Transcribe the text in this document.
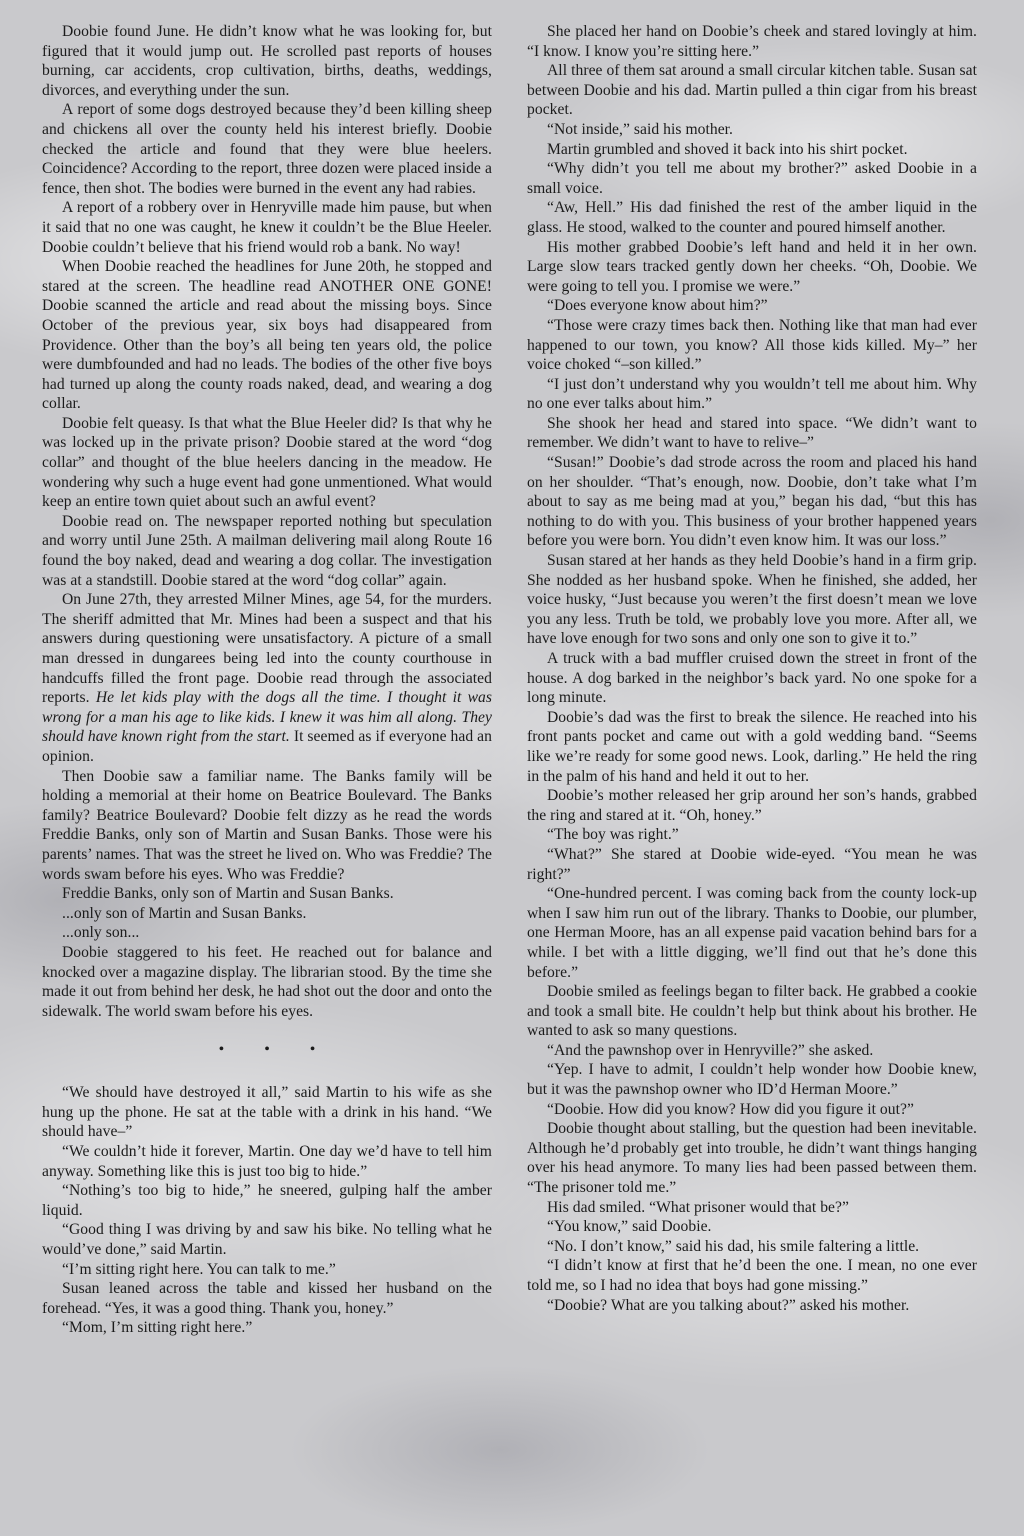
Doobie found June. He didn’t know what he was looking for, but figured that it would jump out. He scrolled past reports of houses burning, car accidents, crop cultivation, births, deaths, weddings, divorces, and everything under the sun.

A report of some dogs destroyed because they’d been killing sheep and chickens all over the county held his interest briefly. Doobie checked the article and found that they were blue heelers. Coincidence? According to the report, three dozen were placed inside a fence, then shot. The bodies were burned in the event any had rabies.

A report of a robbery over in Henryville made him pause, but when it said that no one was caught, he knew it couldn’t be the Blue Heeler. Doobie couldn’t believe that his friend would rob a bank. No way!

When Doobie reached the headlines for June 20th, he stopped and stared at the screen. The headline read ANOTHER ONE GONE! Doobie scanned the article and read about the missing boys. Since October of the previous year, six boys had disappeared from Providence. Other than the boy’s all being ten years old, the police were dumbfounded and had no leads. The bodies of the other five boys had turned up along the county roads naked, dead, and wearing a dog collar.

Doobie felt queasy. Is that what the Blue Heeler did? Is that why he was locked up in the private prison? Doobie stared at the word “dog collar” and thought of the blue heelers dancing in the meadow. He wondering why such a huge event had gone unmentioned. What would keep an entire town quiet about such an awful event?

Doobie read on. The newspaper reported nothing but speculation and worry until June 25th. A mailman delivering mail along Route 16 found the boy naked, dead and wearing a dog collar. The investigation was at a standstill. Doobie stared at the word “dog collar” again.

On June 27th, they arrested Milner Mines, age 54, for the murders. The sheriff admitted that Mr. Mines had been a suspect and that his answers during questioning were unsatisfactory. A picture of a small man dressed in dungarees being led into the county courthouse in handcuffs filled the front page. Doobie read through the associated reports. He let kids play with the dogs all the time. I thought it was wrong for a man his age to like kids. I knew it was him all along. They should have known right from the start. It seemed as if everyone had an opinion.

Then Doobie saw a familiar name. The Banks family will be holding a memorial at their home on Beatrice Boulevard. The Banks family? Beatrice Boulevard? Doobie felt dizzy as he read the words Freddie Banks, only son of Martin and Susan Banks. Those were his parents’ names. That was the street he lived on. Who was Freddie? The words swam before his eyes. Who was Freddie?

Freddie Banks, only son of Martin and Susan Banks.

...only son of Martin and Susan Banks.

...only son...

Doobie staggered to his feet. He reached out for balance and knocked over a magazine display. The librarian stood. By the time she made it out from behind her desk, he had shot out the door and onto the sidewalk. The world swam before his eyes.

• • •

“We should have destroyed it all,” said Martin to his wife as she hung up the phone. He sat at the table with a drink in his hand. “We should have–”

“We couldn’t hide it forever, Martin. One day we’d have to tell him anyway. Something like this is just too big to hide.”

“Nothing’s too big to hide,” he sneered, gulping half the amber liquid.

“Good thing I was driving by and saw his bike. No telling what he would’ve done,” said Martin.

“I’m sitting right here. You can talk to me.”

Susan leaned across the table and kissed her husband on the forehead. “Yes, it was a good thing. Thank you, honey.”

“Mom, I’m sitting right here.”

She placed her hand on Doobie’s cheek and stared lovingly at him. “I know. I know you’re sitting here.”

All three of them sat around a small circular kitchen table. Susan sat between Doobie and his dad. Martin pulled a thin cigar from his breast pocket.

“Not inside,” said his mother.

Martin grumbled and shoved it back into his shirt pocket.

“Why didn’t you tell me about my brother?” asked Doobie in a small voice.

“Aw, Hell.” His dad finished the rest of the amber liquid in the glass. He stood, walked to the counter and poured himself another.

His mother grabbed Doobie’s left hand and held it in her own. Large slow tears tracked gently down her cheeks. “Oh, Doobie. We were going to tell you. I promise we were.”

“Does everyone know about him?”

“Those were crazy times back then. Nothing like that man had ever happened to our town, you know? All those kids killed. My–” her voice choked “–son killed.”

“I just don’t understand why you wouldn’t tell me about him. Why no one ever talks about him.”

She shook her head and stared into space. “We didn’t want to remember. We didn’t want to have to relive–”

“Susan!” Doobie’s dad strode across the room and placed his hand on her shoulder. “That’s enough, now. Doobie, don’t take what I’m about to say as me being mad at you,” began his dad, “but this has nothing to do with you. This business of your brother happened years before you were born. You didn’t even know him. It was our loss.”

Susan stared at her hands as they held Doobie’s hand in a firm grip. She nodded as her husband spoke. When he finished, she added, her voice husky, “Just because you weren’t the first doesn’t mean we love you any less. Truth be told, we probably love you more. After all, we have love enough for two sons and only one son to give it to.”

A truck with a bad muffler cruised down the street in front of the house. A dog barked in the neighbor’s back yard. No one spoke for a long minute.

Doobie’s dad was the first to break the silence. He reached into his front pants pocket and came out with a gold wedding band. “Seems like we’re ready for some good news. Look, darling.” He held the ring in the palm of his hand and held it out to her.

Doobie’s mother released her grip around her son’s hands, grabbed the ring and stared at it. “Oh, honey.”

“The boy was right.”

“What?” She stared at Doobie wide-eyed. “You mean he was right?”

“One-hundred percent. I was coming back from the county lock-up when I saw him run out of the library. Thanks to Doobie, our plumber, one Herman Moore, has an all expense paid vacation behind bars for a while. I bet with a little digging, we’ll find out that he’s done this before.”

Doobie smiled as feelings began to filter back. He grabbed a cookie and took a small bite. He couldn’t help but think about his brother. He wanted to ask so many questions.

“And the pawnshop over in Henryville?” she asked.

“Yep. I have to admit, I couldn’t help wonder how Doobie knew, but it was the pawnshop owner who ID’d Herman Moore.”

“Doobie. How did you know? How did you figure it out?”

Doobie thought about stalling, but the question had been inevitable. Although he’d probably get into trouble, he didn’t want things hanging over his head anymore. To many lies had been passed between them. “The prisoner told me.”

His dad smiled. “What prisoner would that be?”

“You know,” said Doobie.

“No. I don’t know,” said his dad, his smile faltering a little.

“I didn’t know at first that he’d been the one. I mean, no one ever told me, so I had no idea that boys had gone missing.”

“Doobie? What are you talking about?” asked his mother.
